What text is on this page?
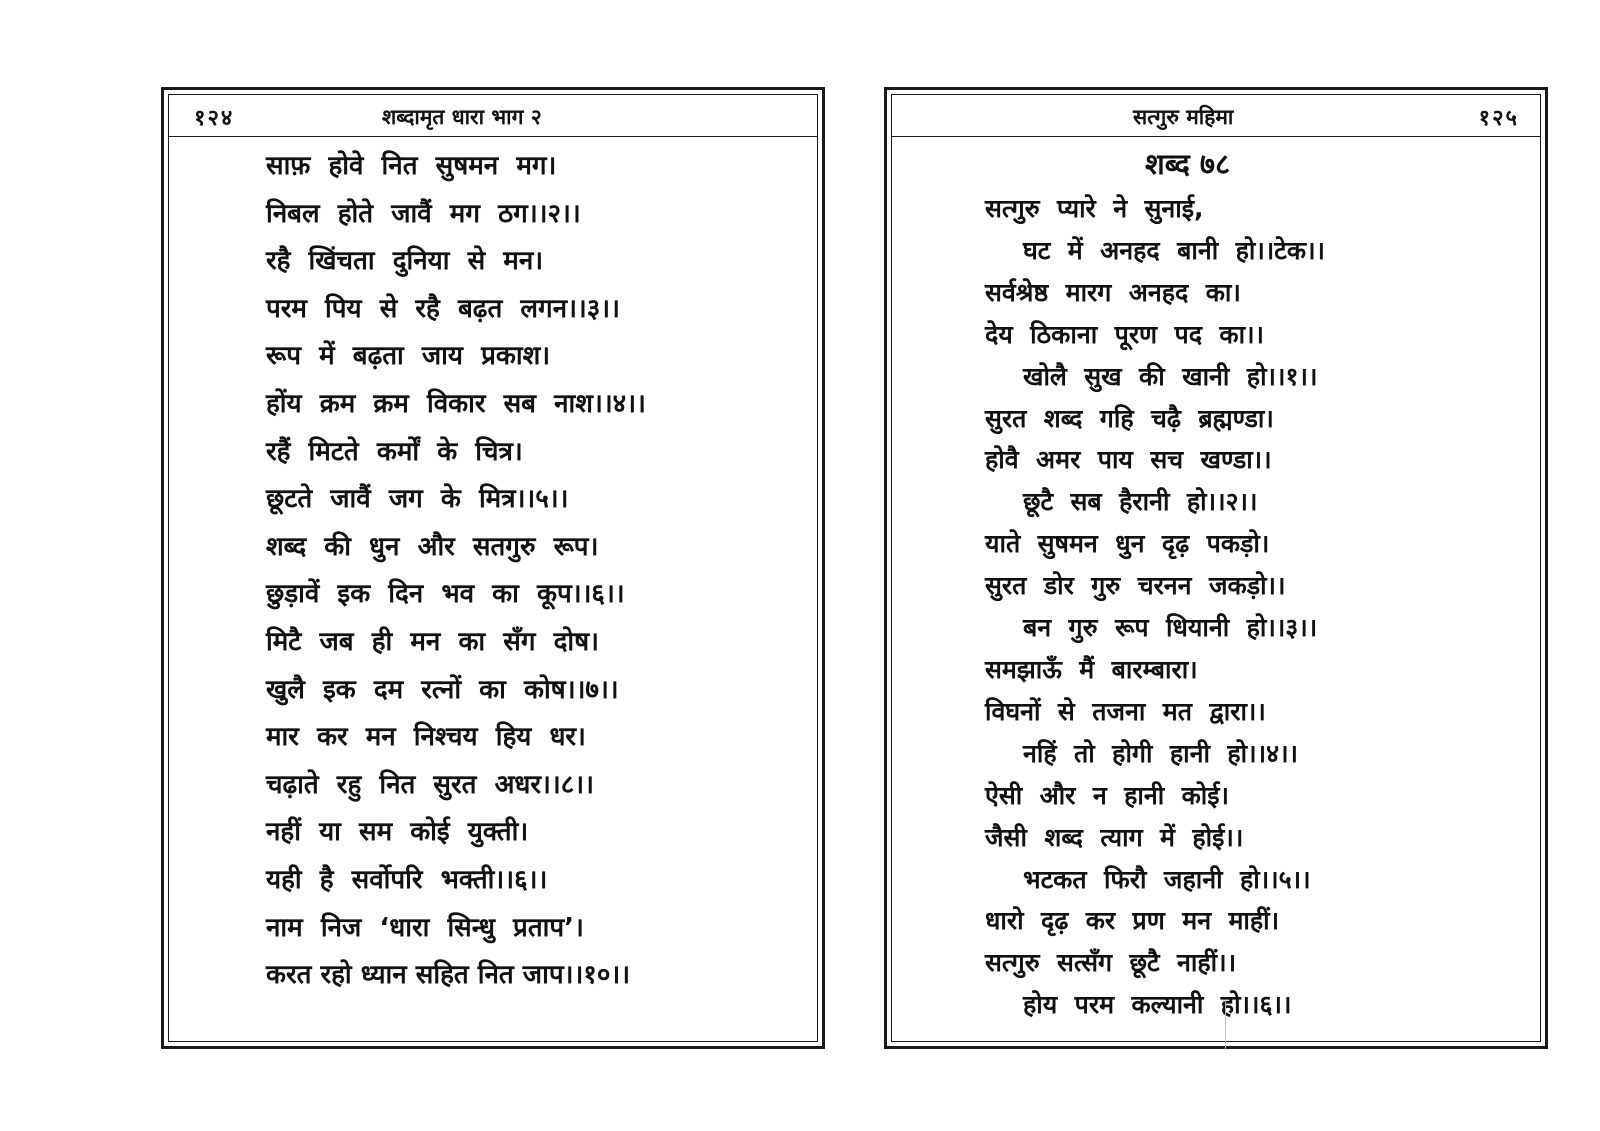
१२४	शब्दामृत धारा भाग २
साफ़  होवे  नित  सुषमन  मग।
निबल  होते  जावैं  मग  ठग।।२।।
रहै  खिंचता  दुनिया  से  मन।
परम  पिय  से  रहै  बढ़त  लगन।।३।।
रूप  में  बढ़ता  जाय  प्रकाश।
होंय  क्रम  क्रम  विकार  सब  नाश।।४।।
रहैं  मिटते  कर्मों  के  चित्र।
छूटते  जावैं  जग  के  मित्र।।५।।
शब्द  की  धुन  और  सतगुरु  रूप।
छुड़ावें  इक  दिन  भव  का  कूप।।६।।
मिटै  जब  ही  मन  का  सँग  दोष।
खुलै  इक  दम  रत्नों  का  कोष।।७।।
मार  कर  मन  निश्चय  हिय  धर।
चढ़ाते  रहु  नित  सुरत  अधर।।८।।
नहीं  या  सम  कोई  युक्ती।
यही  है  सर्वोपरि  भक्ती।।६।।
नाम  निज  ‘धारा  सिन्धु  प्रताप’।
करत रहो ध्यान सहित नित जाप।।१०।।
सत्गुरु महिमा	१२५
शब्द ७८
सत्गुरु  प्यारे  ने  सुनाई,
घट  में  अनहद  बानी  हो।।टेक।।
सर्वश्रेष्ठ  मारग  अनहद  का।
देय  ठिकाना  पूरण  पद  का।।
खोलै  सुख  की  खानी  हो।।१।।
सुरत  शब्द  गहि  चढ़ै  ब्रह्मण्डा।
होवै  अमर  पाय  सच  खण्डा।।
छूटै  सब  हैरानी  हो।।२।।
याते  सुषमन  धुन  दृढ़  पकड़ो।
सुरत  डोर  गुरु  चरनन  जकड़ो।।
बन  गुरु  रूप  धियानी  हो।।३।।
समझाऊँ  मैं  बारम्बारा।
विघनों  से  तजना  मत  द्वारा।।
नहिं  तो  होगी  हानी  हो।।४।।
ऐसी  और  न  हानी  कोई।
जैसी  शब्द  त्याग  में  होई।।
भटकत  फिरौ  जहानी  हो।।५।।
धारो  दृढ़  कर  प्रण  मन  माहीं।
सत्गुरु  सत्सँग  छूटै  नाहीं।।
होय  परम  कल्यानी  हो।।६।।
